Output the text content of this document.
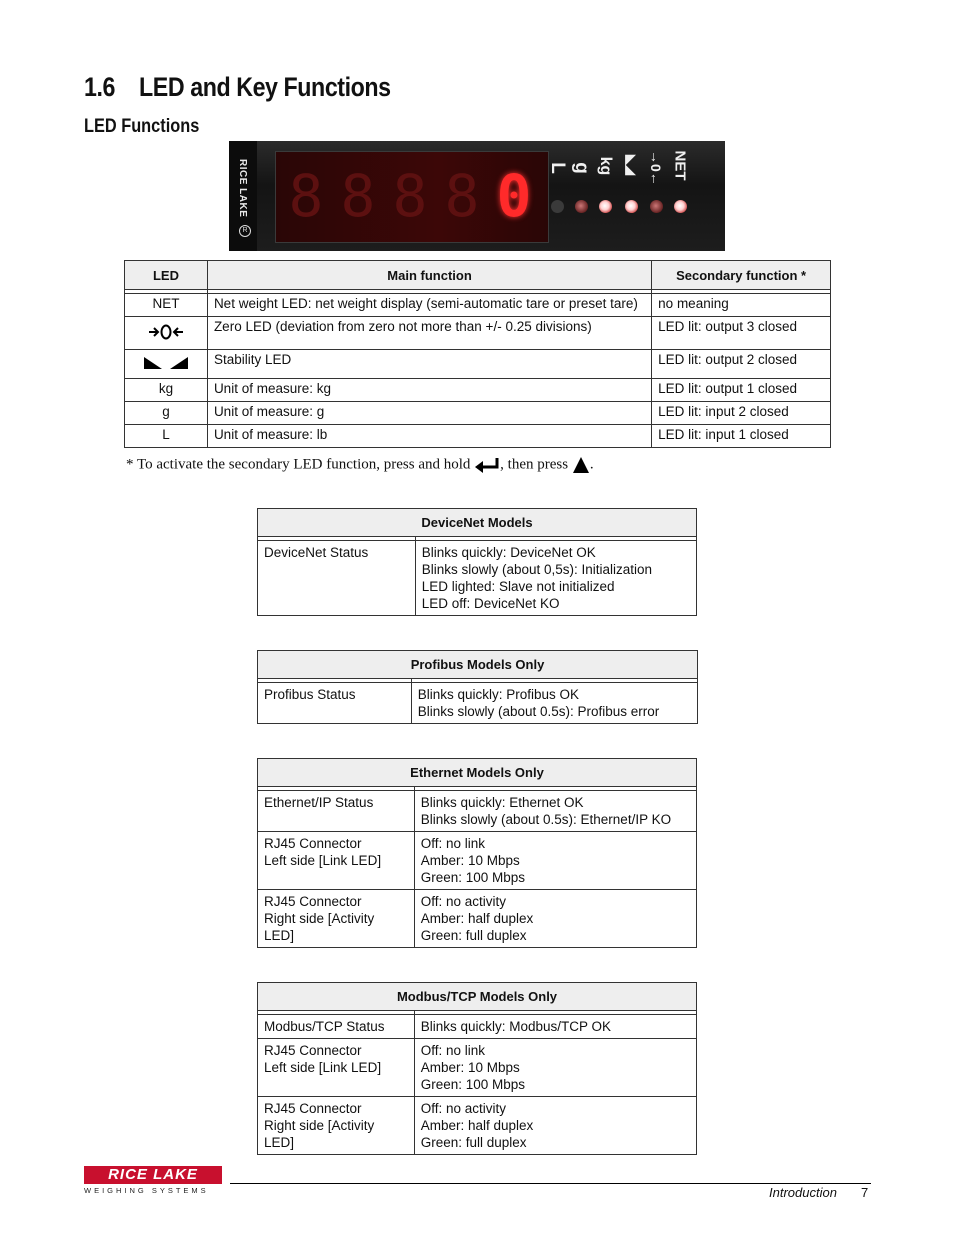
1.6 LED and Key Functions
LED Functions
RICE LAKE
R
8 8 8 8 0 L g kg ◣◢ →0← NET
LED	Main function	Secondary function *

NET	Net weight LED: net weight display (semi-automatic tare or preset tare)	no meaning
	Zero LED (deviation from zero not more than +/- 0.25 divisions)	LED lit: output 3 closed
	Stability LED	LED lit: output 2 closed
kg	Unit of measure: kg	LED lit: output 1 closed
g	Unit of measure: g	LED lit: input 2 closed
L	Unit of measure: lb	LED lit: input 1 closed
* To activate the secondary LED function, press and hold , then press .
DeviceNet Models	

DeviceNet Status	Blinks quickly: DeviceNet OK
Blinks slowly (about 0,5s): Initialization
LED lighted: Slave not initialized
LED off: DeviceNet KO
Profibus Models Only	

Profibus Status	Blinks quickly: Profibus OK
Blinks slowly (about 0.5s): Profibus error
Ethernet Models Only	

Ethernet/IP Status	Blinks quickly: Ethernet OK
Blinks slowly (about 0.5s): Ethernet/IP KO

RJ45 Connector
Left side [Link LED]	Off: no link
Amber: 10 Mbps
Green: 100 Mbps

RJ45 Connector
Right side [Activity LED]	Off: no activity
Amber: half duplex
Green: full duplex
Modbus/TCP Models Only	

Modbus/TCP Status	Blinks quickly: Modbus/TCP OK

RJ45 Connector
Left side [Link LED]	Off: no link
Amber: 10 Mbps
Green: 100 Mbps

RJ45 Connector
Right side [Activity LED]	Off: no activity
Amber: half duplex
Green: full duplex
RICE LAKE
WEIGHING SYSTEMS	Introduction 7
